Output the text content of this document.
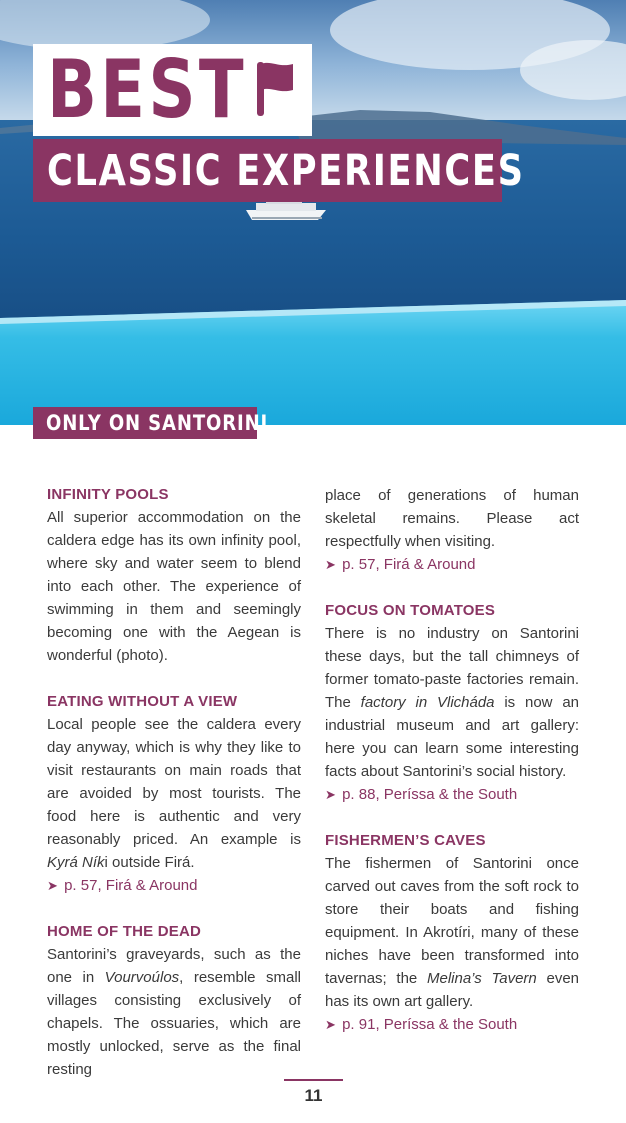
BEST
CLASSIC EXPERIENCES
ONLY ON SANTORINI
INFINITY POOLS

All superior accommodation on the caldera edge has its own infinity pool, where sky and water seem to blend into each other. The experience of swimming in them and seemingly becoming one with the Aegean is wonderful (photo).

EATING WITHOUT A VIEW

Local people see the caldera every day anyway, which is why they like to visit restaurants on main roads that are avoided by most tourists. The food here is authentic and very reasonably priced. An example is Kyrá Níki outside Firá.

➤ p. 57, Firá & Around
HOME OF THE DEAD

Santorini’s graveyards, such as the one in Vourvoúlos, resemble small villages consisting exclusively of chapels. The ossuaries, which are mostly unlocked, serve as the final resting

place of generations of human skeletal remains. Please act respectfully when visiting.

➤ p. 57, Firá & Around
FOCUS ON TOMATOES

There is no industry on Santorini these days, but the tall chimneys of former tomato-paste factories remain. The factory in Vlicháda is now an industrial museum and art gallery: here you can learn some interesting facts about Santorini’s social history.

➤ p. 88, Períssa & the South
FISHERMEN’S CAVES

The fishermen of Santorini once carved out caves from the soft rock to store their boats and fishing equipment. In Akrotíri, many of these niches have been transformed into tavernas; the Melina’s Tavern even has its own art gallery.

➤ p. 91, Períssa & the South
11
